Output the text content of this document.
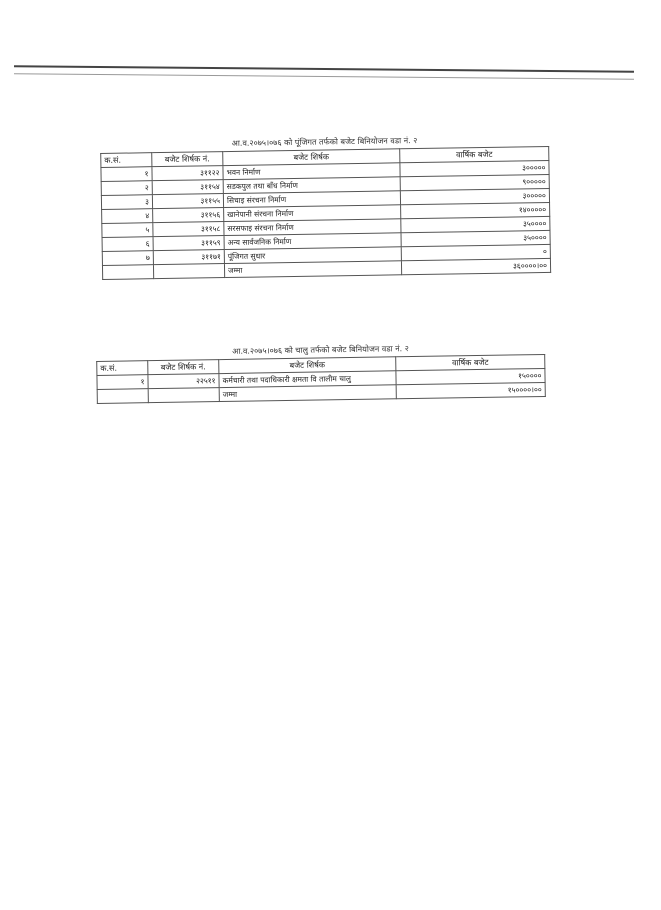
आ.व.२०७५।०७६ को पूंजिगत तर्फको बजेट बिनियोजन वडा नं. २
क.सं.	बजेट शिर्षक नं.	बजेट शिर्षक	वार्षिक बजेट
१	३११२२	भवन निर्माण	३०००००
२	३११५४	सडकपुल तथा बाँध निर्माण	९०००००
३	३११५५	सिचाइ संरचना निर्माण	३०००००
४	३११५६	खानेपानी संरचना निर्माण	१४०००००
५	३११५८	सरसफाइ संरचना निर्माण	३५००००
६	३११५९	अन्य सार्वजनिक निर्माण	३५००००
७	३११७१	पूंजिगत सुधार	०
		जम्मा	३६००००।००
आ.व.२०७५।०७६ को चालु तर्फको बजेट बिनियोजन वडा नं. २
क.सं.	बजेट शिर्षक नं.	बजेट शिर्षक	वार्षिक बजेट
१	२२५११	कर्मचारी तथा पदाधिकारी क्षमता वि तालीम चालु	१५००००
		जम्मा	१५००००।००
